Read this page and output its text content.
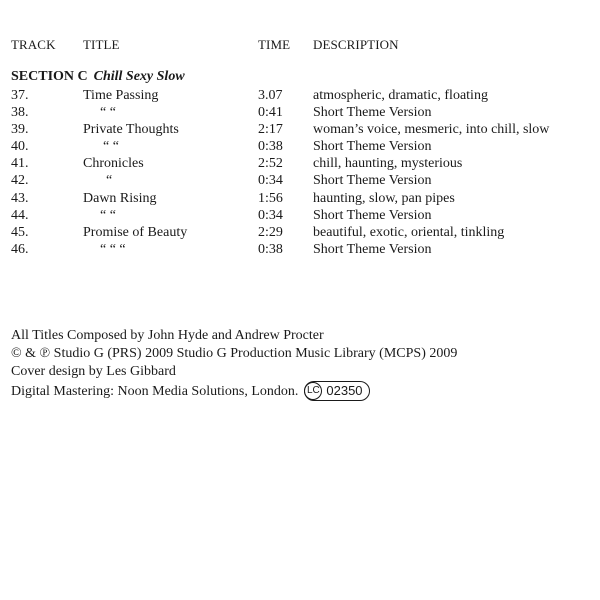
TRACK TITLE	TIME DESCRIPTION
SECTION C Chill Sexy Slow
37.	Time Passing	3.07 atmospheric, dramatic, floating
38.	“ “	0:41 Short Theme Version
39.	Private Thoughts	2:17 woman’s voice, mesmeric, into chill, slow
40.	“ “	0:38 Short Theme Version
41.	Chronicles	2:52 chill, haunting, mysterious
42.	“	0:34 Short Theme Version
43.	Dawn Rising	1:56 haunting, slow, pan pipes
44.	“ “	0:34 Short Theme Version
45.	Promise of Beauty	2:29 beautiful, exotic, oriental, tinkling
46.	“ “ “	0:38 Short Theme Version
All Titles Composed by John Hyde and Andrew Procter
© & ℗ Studio G (PRS) 2009 Studio G Production Music Library (MCPS) 2009
Cover design by Les Gibbard
Digital Mastering: Noon Media Solutions, London. LC 02350
